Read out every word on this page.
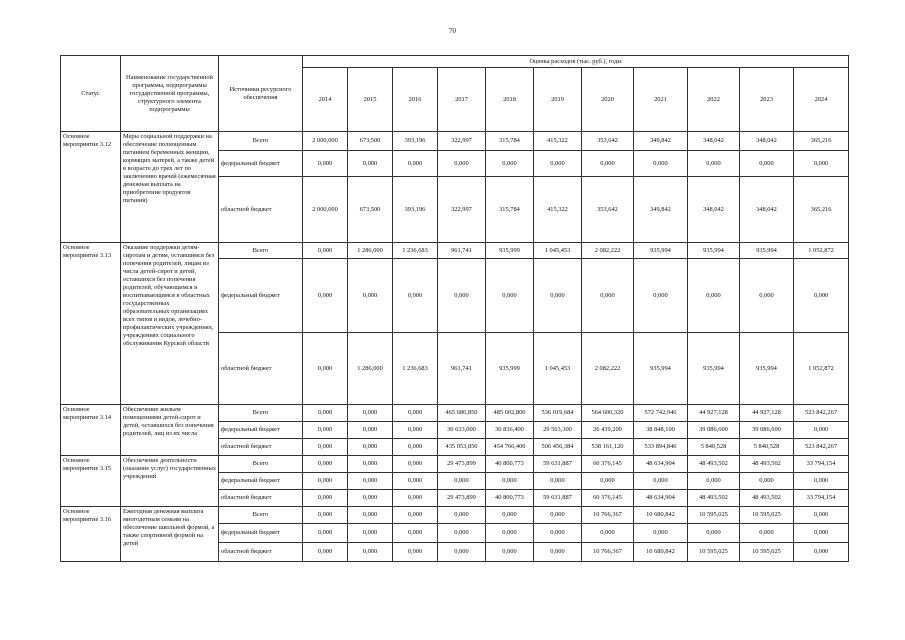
70
Статус	Наименование государственной программы, подпрограммы государственной программы, структурного элемента подпрограммы	Источники ресурсного обеспечения	Оценка расходов (тыс. руб.), годы										
			2014	2015	2016	2017	2018	2019	2020	2021	2022	2023	2024
Основное мероприятие 3.12	Меры социальной поддержки на обеспечение полноценным питанием беременных женщин, кормящих матерей, а также детей в возрасте до трех лет по заключению врачей (ежемесячная денежная выплата на приобретение продуктов питания)	Всего	2 000,000	673,500	393,196	322,997	315,784	415,322	353,642	349,842	348,042	348,042	365,216
		федеральный бюджет	0,000	0,000	0,000	0,000	0,000	0,000	0,000	0,000	0,000	0,000	0,000
		областной бюджет	2 000,000	673,500	393,196	322,997	315,784	415,322	353,642	349,842	348,042	348,042	365,216
Основное мероприятие 3.13	Оказание поддержки детям-сиротам и детям, оставшимся без попечения родителей, лицам из числа детей-сирот и детей, оставшихся без попечения родителей, обучающимся и воспитывающимся в областных государственных образовательных организациях всех типов и видов, лечебно-профилактических учреждениях, учреждениях социального обслуживания Курской области	Всего	0,000	1 286,000	1 236,683	961,741	935,999	1 045,453	2 082,222	935,994	935,994	935,994	1 052,872
		федеральный бюджет	0,000	0,000	0,000	0,000	0,000	0,000	0,000	0,000	0,000	0,000	0,000
		областной бюджет	0,000	1 286,000	1 236,683	961,741	935,999	1 045,453	2 082,222	935,994	935,994	935,994	1 052,872
Основное мероприятие 3.14	Обеспечение жильем помещениями детей-сирот и детей, оставшихся без попечения родителей, лиц из их числа	Всего	0,000	0,000	0,000	465 686,850	485 602,800	536 019,684	564 600,320	572 742,946	44 927,128	44 927,128	523 842,267
		федеральный бюджет	0,000	0,000	0,000	30 633,000	30 836,400	29 563,300	26 439,200	38 848,100	39 086,600	39 086,600	0,000
		областной бюджет	0,000	0,000	0,000	435 053,850	454 766,400	506 456,384	538 161,120	533 894,846	5 840,528	5 840,528	523 842,267
Основное мероприятие 3.15	Обеспечение деятельности (оказание услуг) государственных учреждений	Всего	0,000	0,000	0,000	29 473,899	40 800,773	59 631,887	60 376,145	48 634,904	48 493,502	48 493,502	33 794,154
		федеральный бюджет	0,000	0,000	0,000	0,000	0,000	0,000	0,000	0,000	0,000	0,000	0,000
		областной бюджет	0,000	0,000	0,000	29 473,899	40 800,773	59 631,887	60 376,145	48 634,904	48 493,502	48 493,502	33 794,154
Основное мероприятие 3.16	Ежегодная денежная выплата многодетным семьям на обеспечение школьной формой, а также спортивной формой на детей	Всего	0,000	0,000	0,000	0,000	0,000	0,000	10 766,367	10 680,842	10 595,025	10 595,025	0,000
		федеральный бюджет	0,000	0,000	0,000	0,000	0,000	0,000	0,000	0,000	0,000	0,000	0,000
		областной бюджет	0,000	0,000	0,000	0,000	0,000	0,000	10 766,367	10 680,842	10 595,025	10 595,025	0,000
